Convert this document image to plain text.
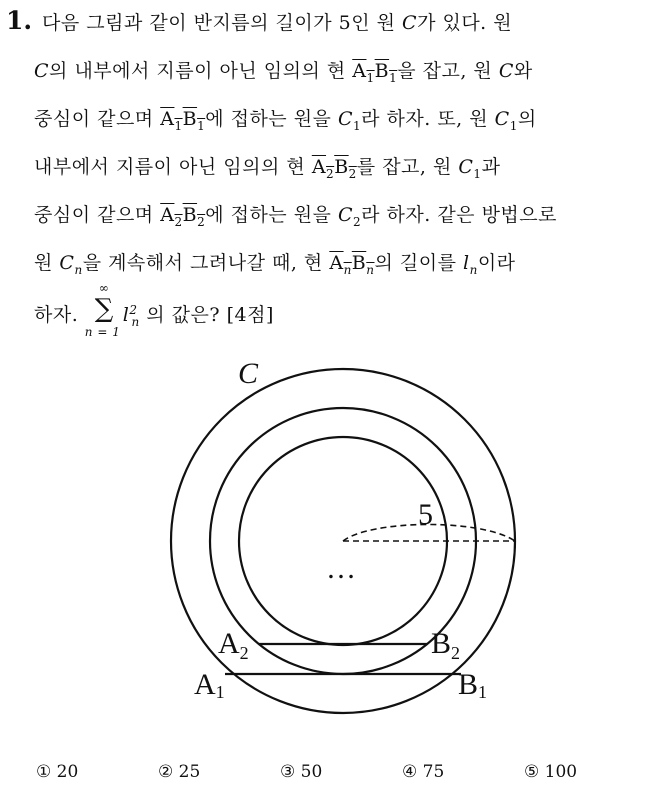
1. 다음 그림과 같이 반지름의 길이가 5인 원 C가 있다. 원
C의 내부에서 지름이 아닌 임의의 현 $A_1B_1$을 잡고, 원 C와
중심이 같으며 $A_1B_1$에 접하는 원을 $C_1$라 하자. 또, 원 $C_1$의
내부에서 지름이 아닌 임의의 현 $A_2B_2$를 잡고, 원 $C_1$과
중심이 같으며 $A_2B_2$에 접하는 원을 $C_2$라 하자. 같은 방법으로
원 $C_n$을 계속해서 그려나갈 때, 현 $A_nB_n$의 길이를 $l_n$이라
하자.
∞
∑
n = 1
$l^2_n$ 의 값은? [4점]
C
5
…
$A_2$	$B_2$
A1	B1
① 20	② 25	③ 50	④ 75	⑤ 100
